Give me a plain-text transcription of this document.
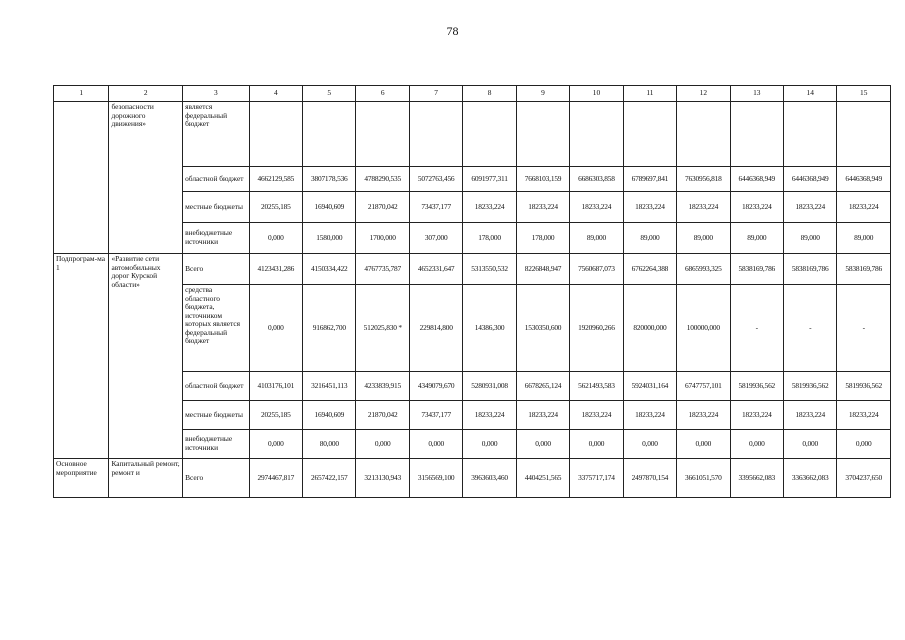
78
1	2	3	4	5	6	7	8	9	10	11	12	13	14	15
	безопасности дорожного движения»	является федеральный бюджет												
		областной бюджет	4662129,585	3807178,536	4788290,535	5072763,456	6091977,311	7668103,159	6686303,858	6789697,841	7630956,818	6446368,949	6446368,949	6446368,949
		местные бюджеты	20255,185	16940,609	21870,042	73437,177	18233,224	18233,224	18233,224	18233,224	18233,224	18233,224	18233,224	18233,224
		внебюджетные источники	0,000	1580,000	1700,000	307,000	178,000	178,000	89,000	89,000	89,000	89,000	89,000	89,000
Подпрограм-ма 1	«Развитие сети автомобильных дорог Курской области»	Всего	4123431,286	4150334,422	4767735,787	4652331,647	5313550,532	8226848,947	7560687,073	6762264,388	6865993,325	5838169,786	5838169,786	5838169,786
		средства областного бюджета, источником которых является федеральный бюджет	0,000	916862,700	512025,830 *	229814,800	14386,300	1530350,600	1920960,266	820000,000	100000,000	-	-	-
		областной бюджет	4103176,101	3216451,113	4233839,915	4349079,670	5280931,008	6678265,124	5621493,583	5924031,164	6747757,101	5819936,562	5819936,562	5819936,562
		местные бюджеты	20255,185	16940,609	21870,042	73437,177	18233,224	18233,224	18233,224	18233,224	18233,224	18233,224	18233,224	18233,224
		внебюджетные источники	0,000	80,000	0,000	0,000	0,000	0,000	0,000	0,000	0,000	0,000	0,000	0,000
Основное мероприятие	Капитальный ремонт, ремонт и	Всего	2974467,817	2657422,157	3213130,943	3156569,100	3963603,460	4404251,565	3375717,174	2497870,154	3661051,570	3395662,083	3363662,083	3704237,650
